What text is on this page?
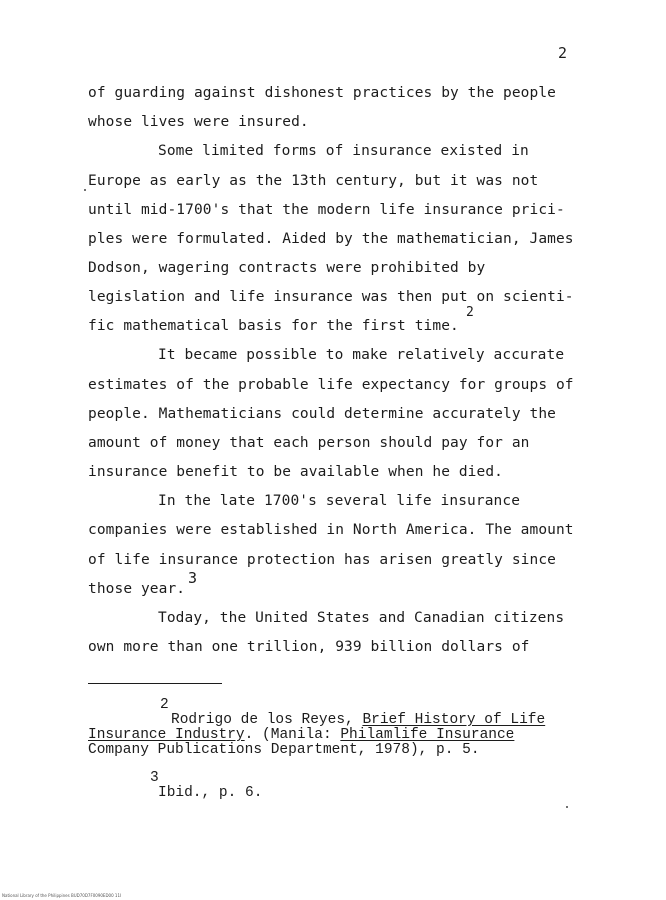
2
of guarding against dishonest practices by the people
whose lives were insured.
Some limited forms of insurance existed in
Europe as early as the 13th century, but it was not
until mid-1700's that the modern life insurance prici-
ples were formulated. Aided by the mathematician, James
Dodson, wagering contracts were prohibited by
legislation and life insurance was then put on scienti-
fic mathematical basis for the first time.
2
It became possible to make relatively accurate
estimates of the probable life expectancy for groups of
people. Mathematicians could determine accurately the
amount of money that each person should pay for an
insurance benefit to be available when he died.
In the late 1700's several life insurance
companies were established in North America. The amount
of life insurance protection has arisen greatly since
those year.
3
Today, the United States and Canadian citizens
own more than one trillion, 939 billion dollars of
2
Rodrigo de los Reyes, Brief History of Life
Insurance Industry. (Manila: Philamlife Insurance
Company Publications Department, 1978), p. 5.
3
Ibid., p. 6.
National Library of the Philippines BUD70D7F0090ED00 11I
